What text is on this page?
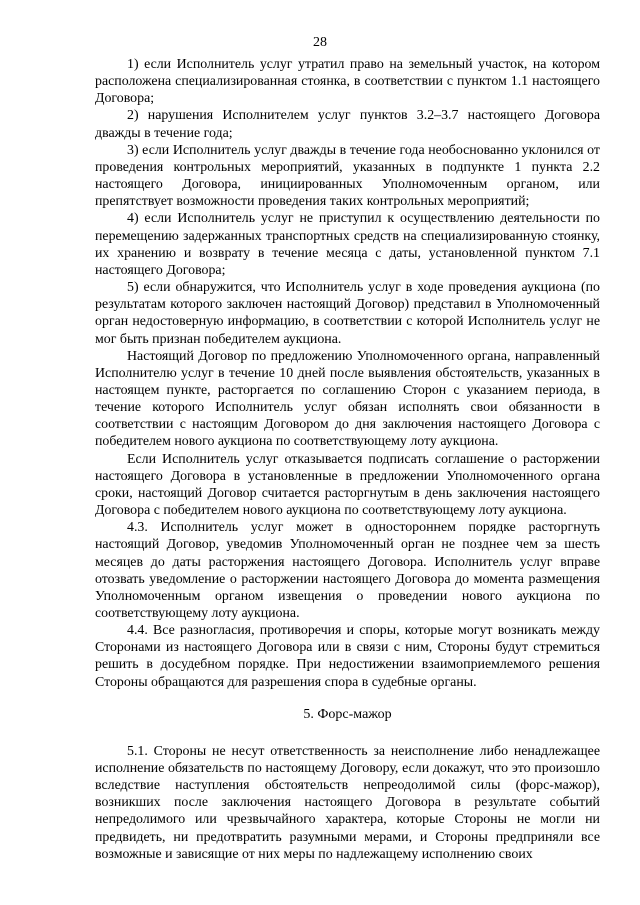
28

1) если Исполнитель услуг утратил право на земельный участок, на котором расположена специализированная стоянка, в соответствии с пунктом 1.1 настоящего Договора;

2) нарушения Исполнителем услуг пунктов 3.2–3.7 настоящего Договора дважды в течение года;

3) если Исполнитель услуг дважды в течение года необоснованно уклонился от проведения контрольных мероприятий, указанных в подпункте 1 пункта 2.2 настоящего Договора, инициированных Уполномоченным органом, или препятствует возможности проведения таких контрольных мероприятий;

4) если Исполнитель услуг не приступил к осуществлению деятельности по перемещению задержанных транспортных средств на специализированную стоянку, их хранению и возврату в течение месяца с даты, установленной пунктом 7.1 настоящего Договора;

5) если обнаружится, что Исполнитель услуг в ходе проведения аукциона (по результатам которого заключен настоящий Договор) представил в Уполномоченный орган недостоверную информацию, в соответствии с которой Исполнитель услуг не мог быть признан победителем аукциона.

Настоящий Договор по предложению Уполномоченного органа, направленный Исполнителю услуг в течение 10 дней после выявления обстоятельств, указанных в настоящем пункте, расторгается по соглашению Сторон с указанием периода, в течение которого Исполнитель услуг обязан исполнять свои обязанности в соответствии с настоящим Договором до дня заключения настоящего Договора с победителем нового аукциона по соответствующему лоту аукциона.

Если Исполнитель услуг отказывается подписать соглашение о расторжении настоящего Договора в установленные в предложении Уполномоченного органа сроки, настоящий Договор считается расторгнутым в день заключения настоящего Договора с победителем нового аукциона по соответствующему лоту аукциона.

4.3. Исполнитель услуг может в одностороннем порядке расторгнуть настоящий Договор, уведомив Уполномоченный орган не позднее чем за шесть месяцев до даты расторжения настоящего Договора. Исполнитель услуг вправе отозвать уведомление о расторжении настоящего Договора до момента размещения Уполномоченным органом извещения о проведении нового аукциона по соответствующему лоту аукциона.

4.4. Все разногласия, противоречия и споры, которые могут возникать между Сторонами из настоящего Договора или в связи с ним, Стороны будут стремиться решить в досудебном порядке. При недостижении взаимоприемлемого решения Стороны обращаются для разрешения спора в судебные органы.

5. Форс-мажор

5.1. Стороны не несут ответственность за неисполнение либо ненадлежащее исполнение обязательств по настоящему Договору, если докажут, что это произошло вследствие наступления обстоятельств непреодолимой силы (форс-мажор), возникших после заключения настоящего Договора в результате событий непредолимого или чрезвычайного характера, которые Стороны не могли ни предвидеть, ни предотвратить разумными мерами, и Стороны предприняли все возможные и зависящие от них меры по надлежащему исполнению своих
